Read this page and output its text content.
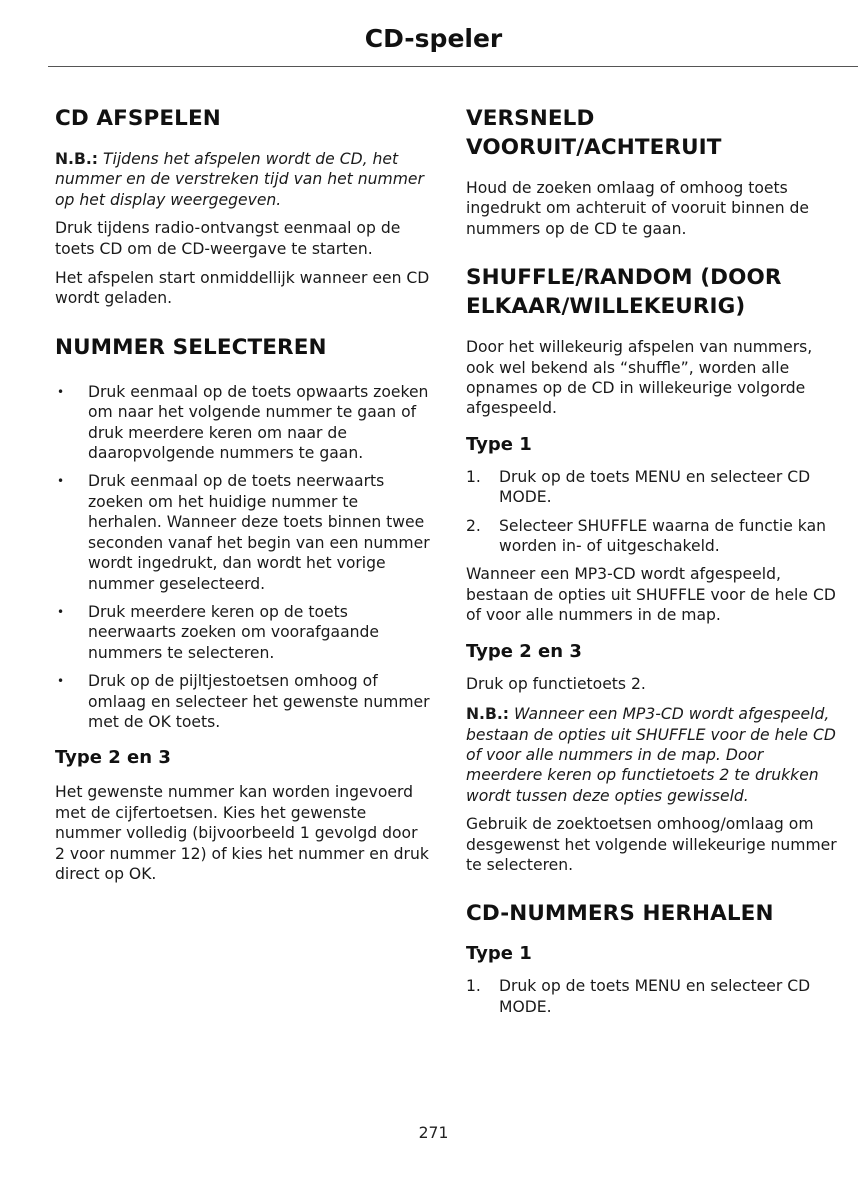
CD-speler
CD AFSPELEN

N.B.: Tijdens het afspelen wordt de CD, het nummer en de verstreken tijd van het nummer op het display weergegeven.

Druk tijdens radio-ontvangst eenmaal op de toets CD om de CD-weergave te starten.

Het afspelen start onmiddellijk wanneer een CD wordt geladen.

NUMMER SELECTEREN
• Druk eenmaal op de toets opwaarts zoeken om naar het volgende nummer te gaan of druk meerdere keren om naar de daaropvolgende nummers te gaan.
• Druk eenmaal op de toets neerwaarts zoeken om het huidige nummer te herhalen. Wanneer deze toets binnen twee seconden vanaf het begin van een nummer wordt ingedrukt, dan wordt het vorige nummer geselecteerd.
• Druk meerdere keren op de toets neerwaarts zoeken om voorafgaande nummers te selecteren.
• Druk op de pijltjestoetsen omhoog of omlaag en selecteer het gewenste nummer met de OK toets.
Type 2 en 3

Het gewenste nummer kan worden ingevoerd met de cijfertoetsen. Kies het gewenste nummer volledig (bijvoorbeeld 1 gevolgd door 2 voor nummer 12) of kies het nummer en druk direct op OK.

VERSNELD
VOORUIT/ACHTERUIT

Houd de zoeken omlaag of omhoog toets ingedrukt om achteruit of vooruit binnen de nummers op de CD te gaan.

SHUFFLE/RANDOM (DOOR
ELKAAR/WILLEKEURIG)

Door het willekeurig afspelen van nummers, ook wel bekend als “shuffle”, worden alle opnames op de CD in willekeurige volgorde afgespeeld.

Type 1
1. Druk op de toets MENU en selecteer CD MODE.
2. Selecteer SHUFFLE waarna de functie kan worden in- of uitgeschakeld.

Wanneer een MP3-CD wordt afgespeeld, bestaan de opties uit SHUFFLE voor de hele CD of voor alle nummers in de map.

Type 2 en 3

Druk op functietoets 2.

N.B.: Wanneer een MP3-CD wordt afgespeeld, bestaan de opties uit SHUFFLE voor de hele CD of voor alle nummers in de map. Door meerdere keren op functietoets 2 te drukken wordt tussen deze opties gewisseld.

Gebruik de zoektoetsen omhoog/omlaag om desgewenst het volgende willekeurige nummer te selecteren.

CD-NUMMERS HERHALEN
Type 1
1. Druk op de toets MENU en selecteer CD MODE.
271
